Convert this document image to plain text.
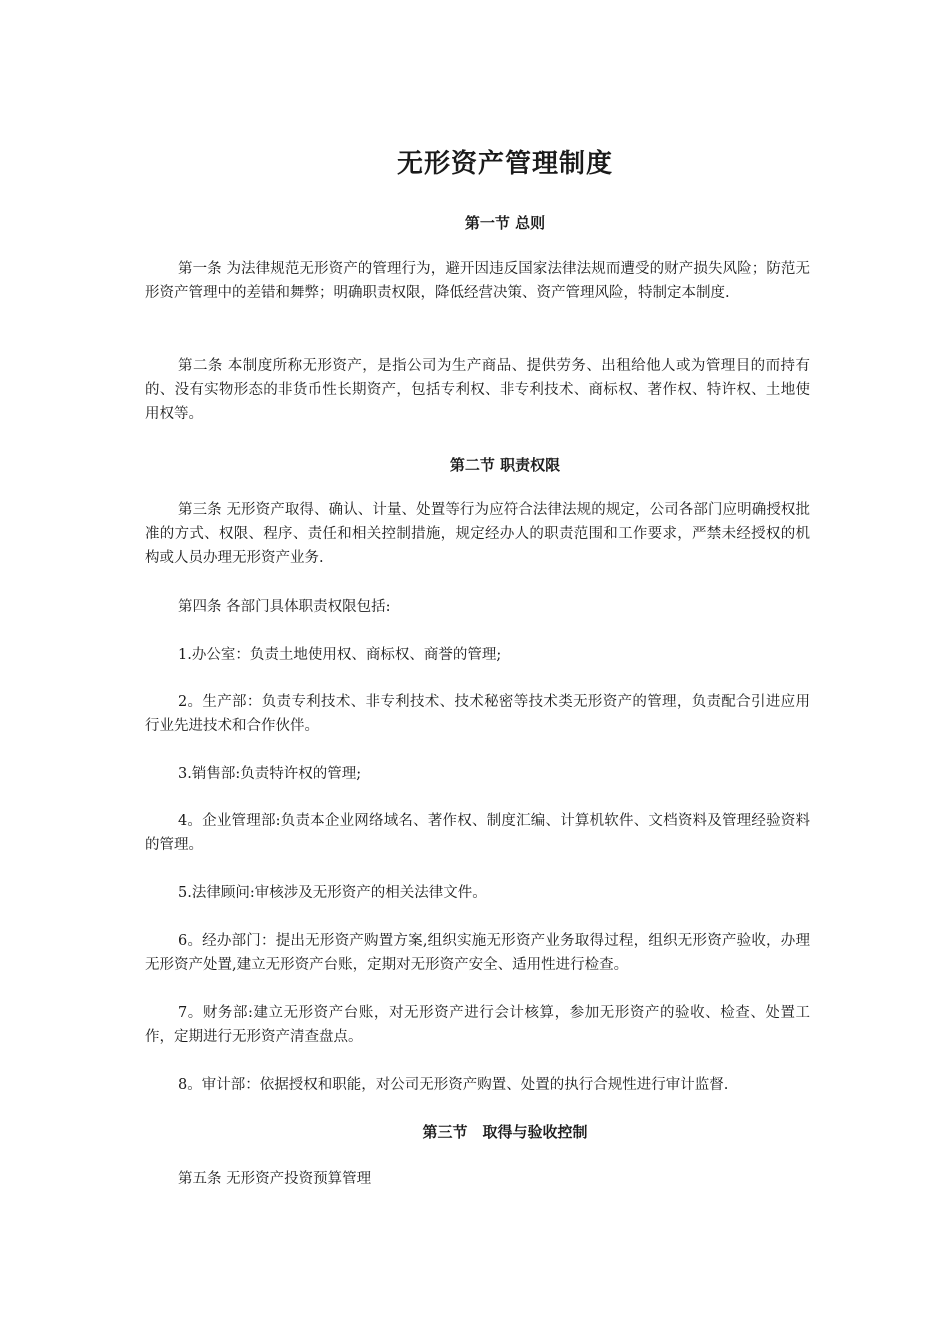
无形资产管理制度
第一节 总则

第一条 为法律规范无形资产的管理行为，避开因违反国家法律法规而遭受的财产损失风险；防范无形资产管理中的差错和舞弊；明确职责权限，降低经营决策、资产管理风险，特制定本制度.

第二条 本制度所称无形资产，是指公司为生产商品、提供劳务、出租给他人或为管理目的而持有的、没有实物形态的非货币性长期资产，包括专利权、非专利技术、商标权、著作权、特许权、土地使用权等。

第二节 职责权限

第三条 无形资产取得、确认、计量、处置等行为应符合法律法规的规定，公司各部门应明确授权批准的方式、权限、程序、责任和相关控制措施，规定经办人的职责范围和工作要求，严禁未经授权的机构或人员办理无形资产业务.

第四条 各部门具体职责权限包括:

1.办公室：负责土地使用权、商标权、商誉的管理;

2。生产部：负责专利技术、非专利技术、技术秘密等技术类无形资产的管理，负责配合引进应用行业先进技术和合作伙伴。

3.销售部:负责特许权的管理;

4。企业管理部:负责本企业网络域名、著作权、制度汇编、计算机软件、文档资料及管理经验资料的管理。

5.法律顾问:审核涉及无形资产的相关法律文件。

6。经办部门：提出无形资产购置方案,组织实施无形资产业务取得过程，组织无形资产验收，办理无形资产处置,建立无形资产台账，定期对无形资产安全、适用性进行检查。

7。财务部:建立无形资产台账，对无形资产进行会计核算，参加无形资产的验收、检查、处置工作，定期进行无形资产清查盘点。

8。审计部：依据授权和职能，对公司无形资产购置、处置的执行合规性进行审计监督.

第三节　取得与验收控制

第五条 无形资产投资预算管理
